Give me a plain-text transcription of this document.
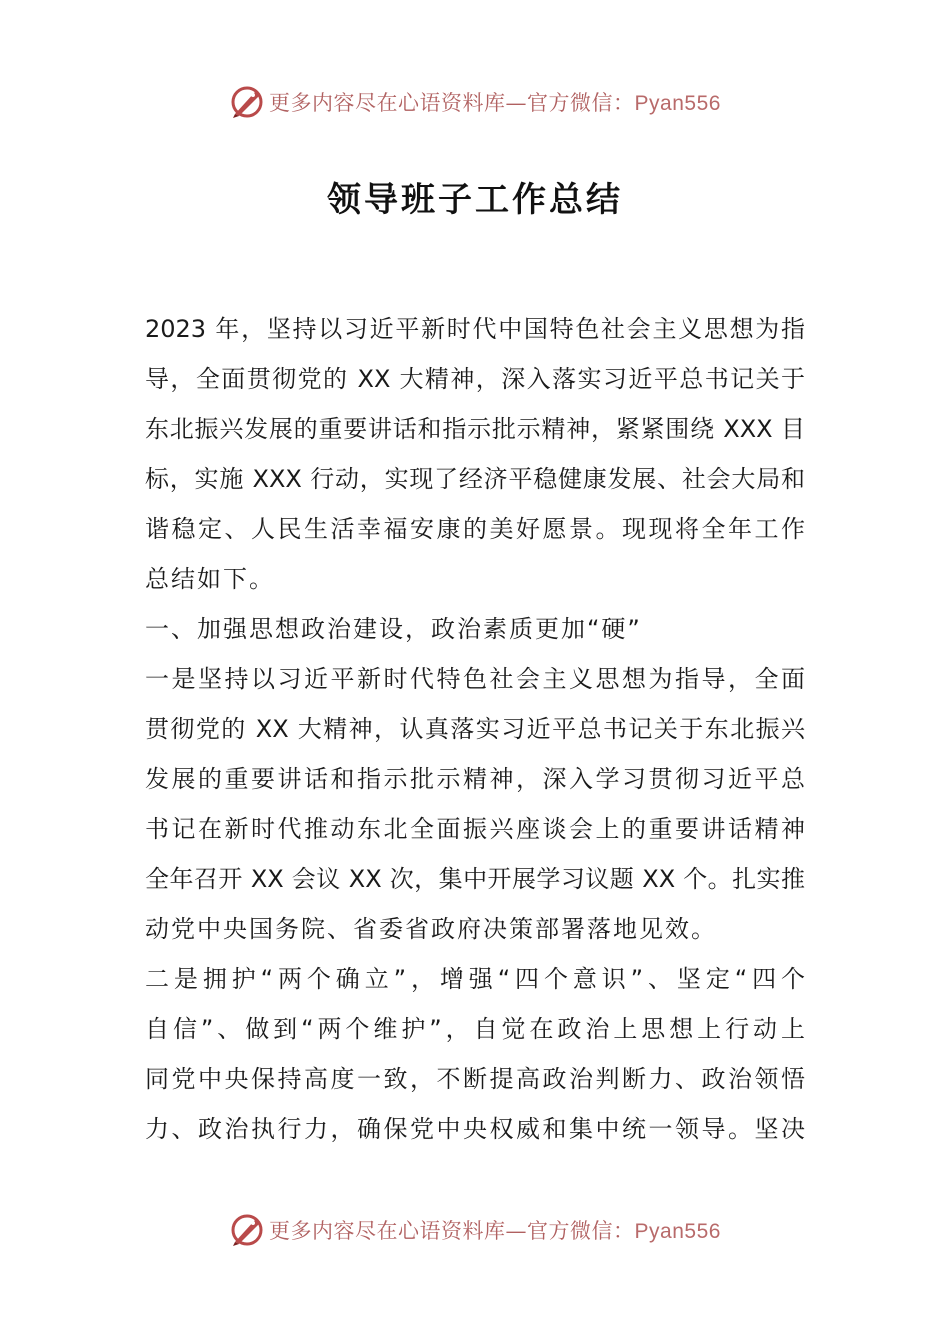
更多内容尽在心语资料库—官方微信：Pyan556
领导班子工作总结
2023 年，坚持以习近平新时代中国特色社会主义思想为指
导，全面贯彻党的 XX 大精神，深入落实习近平总书记关于
东北振兴发展的重要讲话和指示批示精神，紧紧围绕 XXX 目
标，实施 XXX 行动，实现了经济平稳健康发展、社会大局和
谐稳定、人民生活幸福安康的美好愿景。现现将全年工作
总结如下。
一、加强思想政治建设，政治素质更加“硬”
一是坚持以习近平新时代特色社会主义思想为指导，全面
贯彻党的 XX 大精神，认真落实习近平总书记关于东北振兴
发展的重要讲话和指示批示精神，深入学习贯彻习近平总
书记在新时代推动东北全面振兴座谈会上的重要讲话精神
全年召开 XX 会议 XX 次，集中开展学习议题 XX 个。扎实推
动党中央国务院、省委省政府决策部署落地见效。
二是拥护“两个确立”，增强“四个意识”、坚定“四个
自信”、做到“两个维护”，自觉在政治上思想上行动上
同党中央保持高度一致，不断提高政治判断力、政治领悟
力、政治执行力，确保党中央权威和集中统一领导。坚决
更多内容尽在心语资料库—官方微信：Pyan556
